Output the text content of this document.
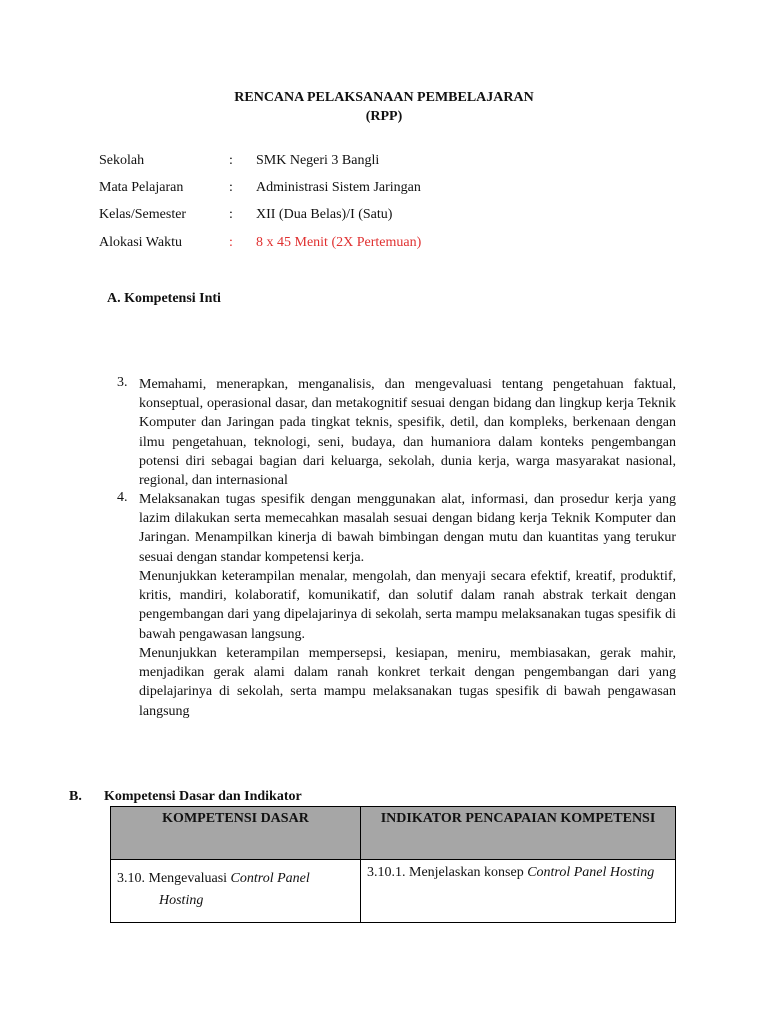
RENCANA PELAKSANAAN PEMBELAJARAN
(RPP)
Sekolah	: SMK Negeri 3 Bangli
Mata Pelajaran	: Administrasi Sistem Jaringan
Kelas/Semester	: XII (Dua Belas)/I (Satu)
Alokasi Waktu	: 8 x 45 Menit (2X Pertemuan)
A. Kompetensi Inti
3. Memahami, menerapkan, menganalisis, dan mengevaluasi tentang pengetahuan faktual, konseptual, operasional dasar, dan metakognitif sesuai dengan bidang dan lingkup kerja Teknik Komputer dan Jaringan pada tingkat teknis, spesifik, detil, dan kompleks, berkenaan dengan ilmu pengetahuan, teknologi, seni, budaya, dan humaniora dalam konteks pengembangan potensi diri sebagai bagian dari keluarga, sekolah, dunia kerja, warga masyarakat nasional, regional, dan internasional
4. Melaksanakan tugas spesifik dengan menggunakan alat, informasi, dan prosedur kerja yang lazim dilakukan serta memecahkan masalah sesuai dengan bidang kerja Teknik Komputer dan Jaringan. Menampilkan kinerja di bawah bimbingan dengan mutu dan kuantitas yang terukur sesuai dengan standar kompetensi kerja.
Menunjukkan keterampilan menalar, mengolah, dan menyaji secara efektif, kreatif, produktif, kritis, mandiri, kolaboratif, komunikatif, dan solutif dalam ranah abstrak terkait dengan pengembangan dari yang dipelajarinya di sekolah, serta mampu melaksanakan tugas spesifik di bawah pengawasan langsung.
Menunjukkan keterampilan mempersepsi, kesiapan, meniru, membiasakan, gerak mahir, menjadikan gerak alami dalam ranah konkret terkait dengan pengembangan dari yang dipelajarinya di sekolah, serta mampu melaksanakan tugas spesifik di bawah pengawasan langsung
B. Kompetensi Dasar dan Indikator
KOMPETENSI DASAR	INDIKATOR PENCAPAIAN KOMPETENSI

3.10. Mengevaluasi Control Panel Hosting	3.10.1. Menjelaskan konsep Control Panel Hosting
